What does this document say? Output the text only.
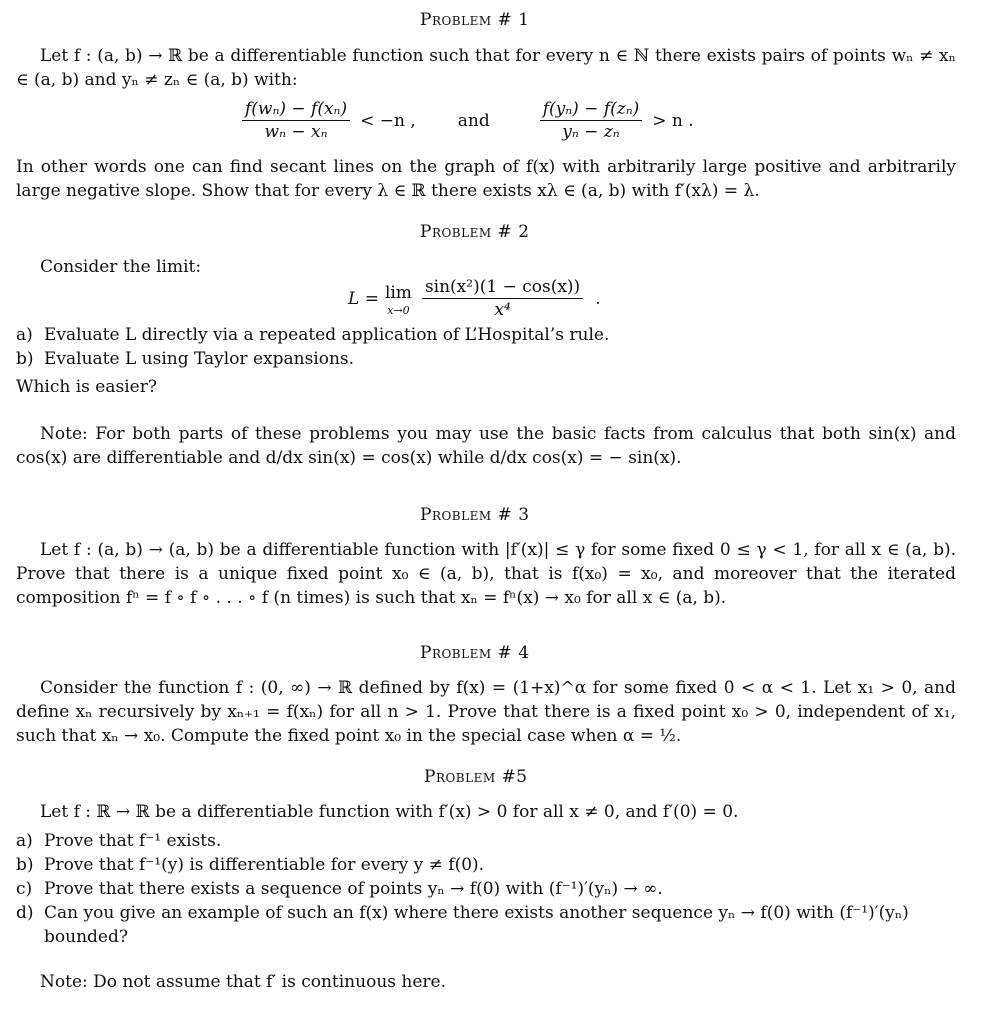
Problem # 1
Let f : (a, b) → ℝ be a differentiable function such that for every n ∈ ℕ there exists pairs of points wₙ ≠ xₙ ∈ (a, b) and yₙ ≠ zₙ ∈ (a, b) with:
$\frac{\text{f(wₙ) − f(xₙ)}}{\text{wₙ − xₙ}} < -n$ , and	$\frac{\text{f(yₙ) − f(zₙ)}}{\text{yₙ − zₙ}} > n$ .
In other words one can find secant lines on the graph of f(x) with arbitrarily large positive and arbitrarily large negative slope. Show that for every λ ∈ ℝ there exists xλ ∈ (a, b) with f′(xλ) = λ.
Problem # 2
Consider the limit:
L = lim
$x\to 0 \frac{\text{sin(x²)(1 − cos(x))}}{\text{x⁴}}$ .
a) Evaluate L directly via a repeated application of L’Hospital’s rule.
b) Evaluate L using Taylor expansions.
Which is easier?
Note: For both parts of these problems you may use the basic facts from calculus that both sin(x) and cos(x) are differentiable and d/dx sin(x) = cos(x) while d/dx cos(x) = − sin(x).
Problem # 3
Let f : (a, b) → (a, b) be a differentiable function with |f′(x)| ≤ γ for some fixed 0 ≤ γ < 1, for all x ∈ (a, b). Prove that there is a unique fixed point x₀ ∈ (a, b), that is f(x₀) = x₀, and moreover that the iterated composition fⁿ = f ∘ f ∘ . . . ∘ f (n times) is such that xₙ = fⁿ(x) → x₀ for all x ∈ (a, b).
Problem # 4
Consider the function f : (0, ∞) → ℝ defined by f(x) = (1+x)^α for some fixed 0 < α < 1. Let x₁ > 0, and define xₙ recursively by xₙ₊₁ = f(xₙ) for all n > 1. Prove that there is a fixed point x₀ > 0, independent of x₁, such that xₙ → x₀. Compute the fixed point x₀ in the special case when α = ½.
Problem #5
Let f : ℝ → ℝ be a differentiable function with f′(x) > 0 for all x ≠ 0, and f′(0) = 0.
a) Prove that f⁻¹ exists.
b) Prove that f⁻¹(y) is differentiable for every y ≠ f(0).
c) Prove that there exists a sequence of points yₙ → f(0) with (f⁻¹)′(yₙ) → ∞.
d) Can you give an example of such an f(x) where there exists another sequence yₙ → f(0) with (f⁻¹)′(yₙ) bounded?
Note: Do not assume that f′ is continuous here.
